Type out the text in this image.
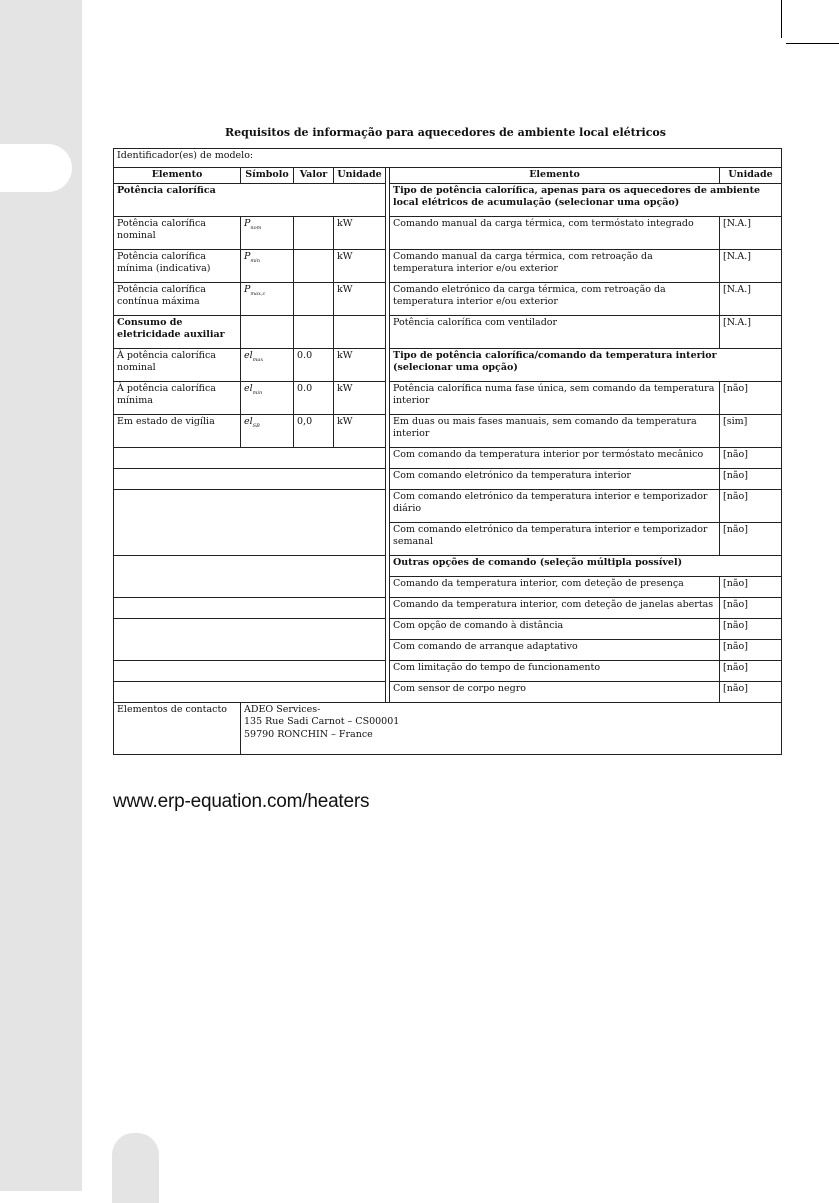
Requisitos de informação para aquecedores de ambiente local elétricos
Identificador(es) de modelo:						
Elemento	Símbolo	Valor	Unidade		Elemento	Unidade
Potência calorífica					Tipo de potência calorífica, apenas para os aquecedores de ambiente local elétricos de acumulação (selecionar uma opção)	
Potência calorífica nominal	$P_{nom}$		kW		Comando manual da carga térmica, com termóstato integrado	[N.A.]
Potência calorífica mínima (indicativa)	$P_{min}$		kW		Comando manual da carga térmica, com retroação da temperatura interior e/ou exterior	[N.A.]
Potência calorífica contínua máxima	$P_{max,c}$		kW		Comando eletrónico da carga térmica, com retroação da temperatura interior e/ou exterior	[N.A.]
Consumo de eletricidade auxiliar					Potência calorífica com ventilador	[N.A.]
À potência calorífica nominal	$el_{max}$	0.0	kW		Tipo de potência calorífica/comando da temperatura interior (selecionar uma opção)	
À potência calorífica mínima	$el_{min}$	0.0	kW		Potência calorífica numa fase única, sem comando da temperatura interior	[não]
Em estado de vigília	$el_{SB}$	0,0	kW		Em duas ou mais fases manuais, sem comando da temperatura interior	[sim]
					Com comando da temperatura interior por termóstato mecânico	[não]
					Com comando eletrónico da temperatura interior	[não]
					Com comando eletrónico da temperatura interior e temporizador diário	[não]
					Com comando eletrónico da temperatura interior e temporizador semanal	[não]
					Outras opções de comando (seleção múltipla possível)	
					Comando da temperatura interior, com deteção de presença	[não]
					Comando da temperatura interior, com deteção de janelas abertas	[não]
					Com opção de comando à distância	[não]
					Com comando de arranque adaptativo	[não]
					Com limitação do tempo de funcionamento	[não]
					Com sensor de corpo negro	[não]
Elementos de contacto	ADEO Services-
135 Rue Sadi Carnot – CS00001
59790 RONCHIN – France					
www.erp-equation.com/heaters
